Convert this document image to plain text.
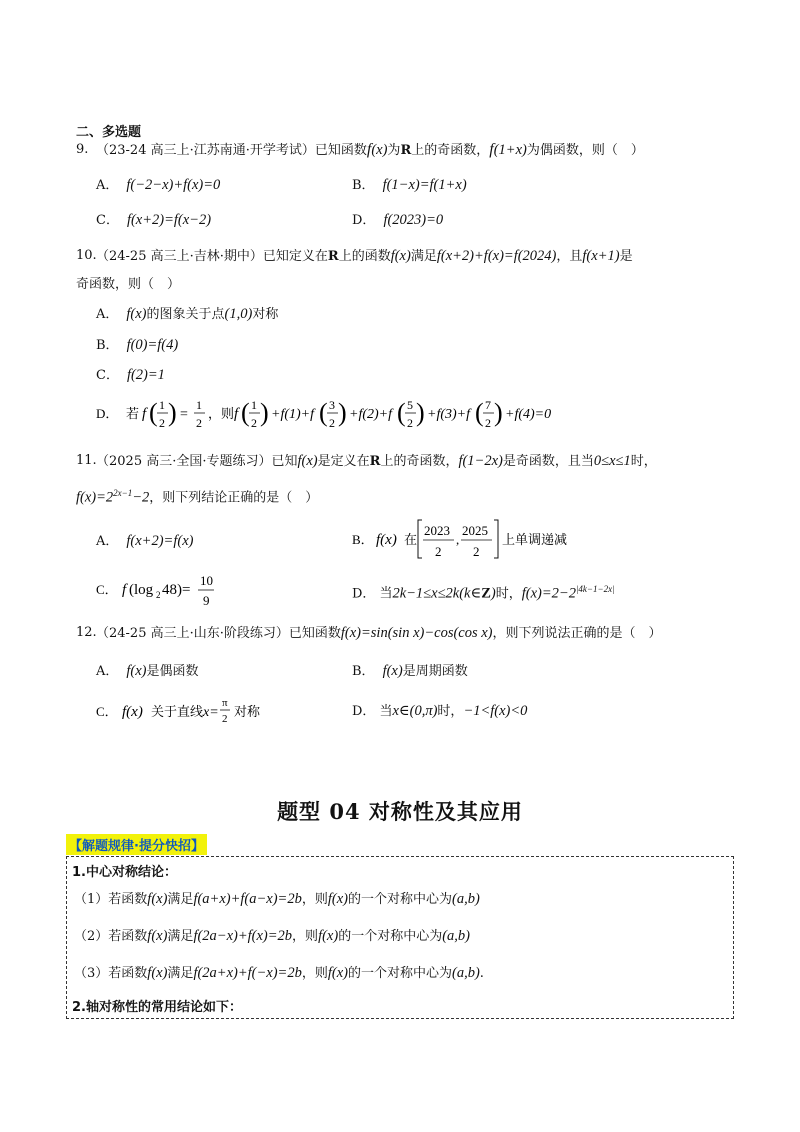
二、多选题
9. （23-24 高三上·江苏南通·开学考试）已知函数f(x)为R上的奇函数，f(1+x)为偶函数，则（　）
A． f(−2−x)+f(x)=0	B． f(1−x)=f(1+x)
C． f(x+2)=f(x−2)	D． f(2023)=0
10. （24-25 高三上·吉林·期中）已知定义在R上的函数f(x)满足f(x+2)+f(x)=f(2024)，且f(x+1)是
奇函数，则（　）
A． f(x)的图象关于点(1,0)对称
B． f(0)=f(4)
C． f(2)=1
D． 若 f ( 1
2 ) =
1
2
，则 f ( 1
2 ) +f(1)+f ( 3
2 ) +f(2)+f ( 5
2 ) +f(3)+f ( 7
2 ) +f(4)=0
11. （2025 高三·全国·专题练习）已知f(x)是定义在R上的奇函数，f(1−2x)是奇函数，且当0≤x≤1时，
$f(x)=2^{2x-1}-2$，则下列结论正确的是（　）
A． f(x+2)=f(x)	B． f(x) 在
2023
2
,
2025
2
上单调递减
C． f (log 2 48)=
10
9	D． 当2k−1≤x≤2k(k∈Z)时，$f(x)=2-2^{|4k-1-2x|}$
12. （24-25 高三上·山东·阶段练习）已知函数f(x)=sin(sin x)−cos(cos x)，则下列说法正确的是（　）
A． f(x)是偶函数	B． f(x)是周期函数
C． f(x) 关于直线 x=
π
2 对称	D． 当x∈(0,π)时，−1<f(x)<0
题型 04 对称性及其应用
【解题规律·提分快招】
1.中心对称结论：
（1）若函数f(x)满足f(a+x)+f(a−x)=2b，则f(x)的一个对称中心为(a,b)
（2）若函数f(x)满足f(2a−x)+f(x)=2b，则f(x)的一个对称中心为(a,b)
（3）若函数f(x)满足f(2a+x)+f(−x)=2b，则f(x)的一个对称中心为(a,b).
2.轴对称性的常用结论如下：
